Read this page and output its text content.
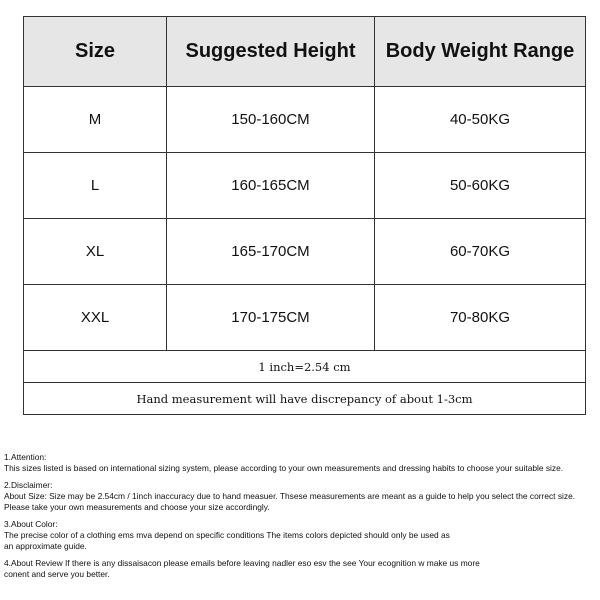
Size	Suggested Height	Body Weight Range
M	150-160CM	40-50KG
L	160-165CM	50-60KG
XL	165-170CM	60-70KG
XXL	170-175CM	70-80KG
1 inch=2.54 cm		
Hand measurement will have discrepancy of about 1-3cm		

1.Attention:

This sizes listed is based on international sizing system, please according to your own measurements and dressing habits to choose your suitable size.

2.Disclaimer:

About Size: Size may be 2.54cm / 1inch inaccuracy due to hand measuer. Thsese measurements are meant as a guide to help you select the correct size.

Please take your own measurements and choose your size accordingly.

3.About Color:

The precise color of a clothing ems mva depend on specific conditions The items colors depicted should only be used as

an approximate guide.

4.About Review If there is any dissaisacon please emails before leaving nadler eso esv the see Your ecognition w make us more

conent and serve you better.
